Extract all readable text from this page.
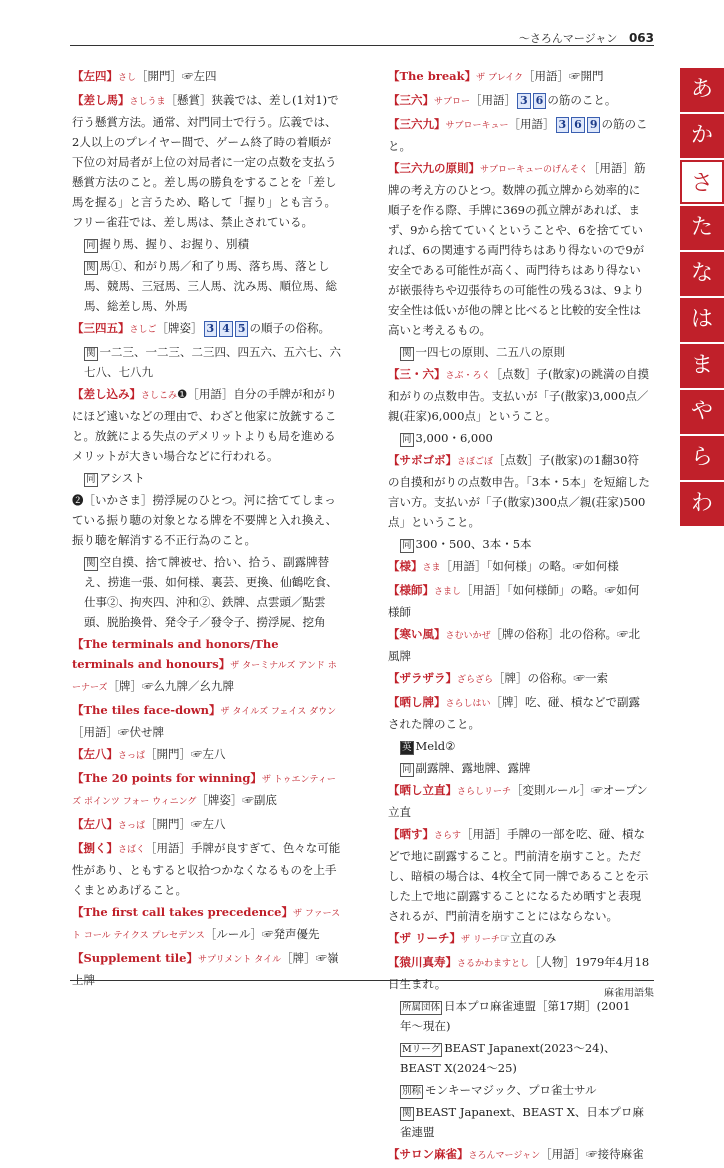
〜さろんマージャン 063
【左四】さし［開門］☞左四
【差し馬】さしうま［懸賞］狭義では、差し(1対1)で行う懸賞方法。通常、対門同士で行う。広義では、2人以上のプレイヤー間で、ゲーム終了時の着順が下位の対局者が上位の対局者に一定の点数を支払う懸賞方法のこと。差し馬の勝負をすることを「差し馬を握る」と言うため、略して「握り」とも言う。フリー雀荘では、差し馬は、禁止されている。
同 握り馬、握り、お握り、別積
関 馬①、和がり馬／和了り馬、落ち馬、落とし馬、競馬、三冠馬、三人馬、沈み馬、順位馬、総馬、総差し馬、外馬
【三四五】さしご［牌姿］ 3 4 5 の順子の俗称。
関 一二三、一二三、二三四、四五六、五六七、六七八、七八九
【差し込み】さしこみ❶［用語］自分の手牌が和がりにほど遠いなどの理由で、わざと他家に放銃すること。放銃による失点のデメリットよりも局を進めるメリットが大きい場合などに行われる。
同 アシスト
❷［いかさま］撈浮屍のひとつ。河に捨ててしまっている振り聴の対象となる牌を不要牌と入れ換え、振り聴を解消する不正行為のこと。
関 空自摸、捨て牌被せ、拾い、拾う、副露牌替え、捞進一張、如何様、裏芸、更換、仙鶴吃食、仕事②、拘夾四、沖和②、鉄牌、点雲頭／點雲頭、脱胎換骨、発令子／發令子、撈浮屍、挖角
【The terminals and honors/The terminals and honours】ザ ターミナルズ アンド ホーナーズ［牌］☞么九牌／幺九牌
【The tiles face-down】ザ タイルズ フェイス ダウン［用語］☞伏せ牌
【左八】さっぱ［開門］☞左八
【The 20 points for winning】ザ トゥエンティーズ ポインツ フォー ウィニング［牌姿］☞副底
【左八】さっぱ［開門］☞左八
【捌く】さばく［用語］手牌が良すぎて、色々な可能性があり、ともすると収拾つかなくなるものを上手くまとめあげること。
【The first call takes precedence】ザ ファースト コール テイクス プレセデンス［ルール］☞発声優先
【Supplement tile】サプリメント タイル［牌］☞嶺上牌
【The break】ザ ブレイク［用語］☞開門
【三六】サブロー［用語］ 3 6 の筋のこと。
【三六九】サブローキュー［用語］ 3 6 9 の筋のこと。
【三六九の原則】サブローキューのげんそく［用語］筋牌の考え方のひとつ。数牌の孤立牌から効率的に順子を作る際、手牌に369の孤立牌があれば、まず、9から捨てていくということや、6を捨てていれば、6の関連する両門待ちはあり得ないので9が安全である可能性が高く、両門待ちはあり得ないが嵌張待ちや辺張待ちの可能性の残る3は、9より安全性は低いが他の牌と比べると比較的安全性は高いと考えるもの。
関 一四七の原則、二五八の原則
【三・六】さぶ・ろく［点数］子(散家)の跳満の自摸和がりの点数申告。支払いが「子(散家)3,000点／親(荘家)6,000点」ということ。
同 3,000・6,000
【サボゴボ】さぼごぼ［点数］子(散家)の1翻30符の自摸和がりの点数申告。「3本・5本」を短縮した言い方。支払いが「子(散家)300点／親(荘家)500点」ということ。
同 300・500、3本・5本
【様】さま［用語］「如何様」の略。☞如何様
【様師】さまし［用語］「如何様師」の略。☞如何様師
【寒い風】さむいかぜ［牌の俗称］北の俗称。☞北風牌
【ザラザラ】ざらざら［牌］の俗称。☞一索
【晒し牌】さらしはい［牌］吃、碰、槓などで副露された牌のこと。
英 Meld②
同 副露牌、露地牌、露牌
【晒し立直】さらしリーチ［変則ルール］☞オープン立直
【晒す】さらす［用語］手牌の一部を吃、碰、槓などで地に副露すること。門前清を崩すこと。ただし、暗槓の場合は、4枚全て同一牌であることを示した上で地に副露することになるため晒すと表現されるが、門前清を崩すことにはならない。
【ザ リーチ】ザ リーチ☞立直のみ
【猿川真寿】さるかわますとし［人物］1979年4月18日生まれ。
所属団体 日本プロ麻雀連盟［第17期］(2001年〜現在)
Mリーグ BEAST Japanext(2023〜24)、BEAST X(2024〜25)
別称 モンキーマジック、プロ雀士サル
関 BEAST Japanext、BEAST X、日本プロ麻雀連盟
【サロン麻雀】さろんマージャン［用語］☞接待麻雀
あ
か
さ
た
な
は
ま
や
ら
わ
麻雀用語集
